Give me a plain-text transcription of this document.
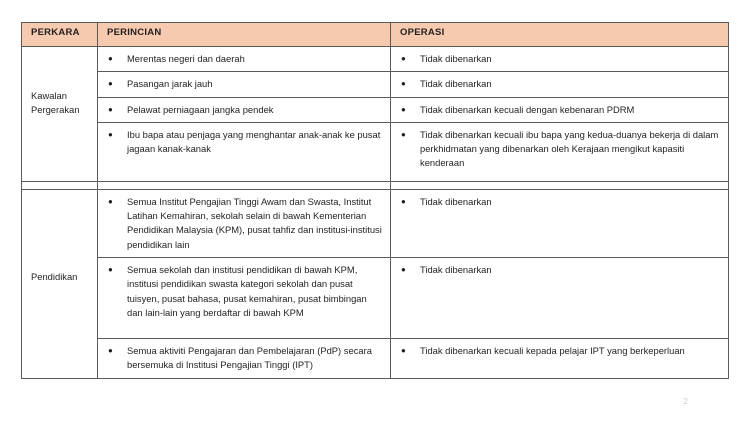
PERKARA	PERINCIAN	OPERASI

Kawalan Pergerakan	● Merentas negeri dan daerah	● Tidak dibenarkan

	● Pasangan jarak jauh	● Tidak dibenarkan

	● Pelawat perniagaan jangka pendek	● Tidak dibenarkan kecuali dengan kebenaran PDRM

	● Ibu bapa atau penjaga yang menghantar anak-anak ke pusat jagaan kanak-kanak	● Tidak dibenarkan kecuali ibu bapa yang kedua-duanya bekerja di dalam perkhidmatan yang dibenarkan oleh Kerajaan mengikut kapasiti kenderaan

Pendidikan	● Semua Institut Pengajian Tinggi Awam dan Swasta, Institut Latihan Kemahiran, sekolah selain di bawah Kementerian Pendidikan Malaysia (KPM), pusat tahfiz dan institusi-institusi pendidikan lain	● Tidak dibenarkan

	● Semua sekolah dan institusi pendidikan di bawah KPM, institusi pendidikan swasta kategori sekolah dan pusat tuisyen, pusat bahasa, pusat kemahiran, pusat bimbingan dan lain-lain yang berdaftar di bawah KPM	● Tidak dibenarkan

	● Semua aktiviti Pengajaran dan Pembelajaran (PdP) secara bersemuka di Institusi Pengajian Tinggi (IPT)	● Tidak dibenarkan kecuali kepada pelajar IPT yang berkeperluan
2
